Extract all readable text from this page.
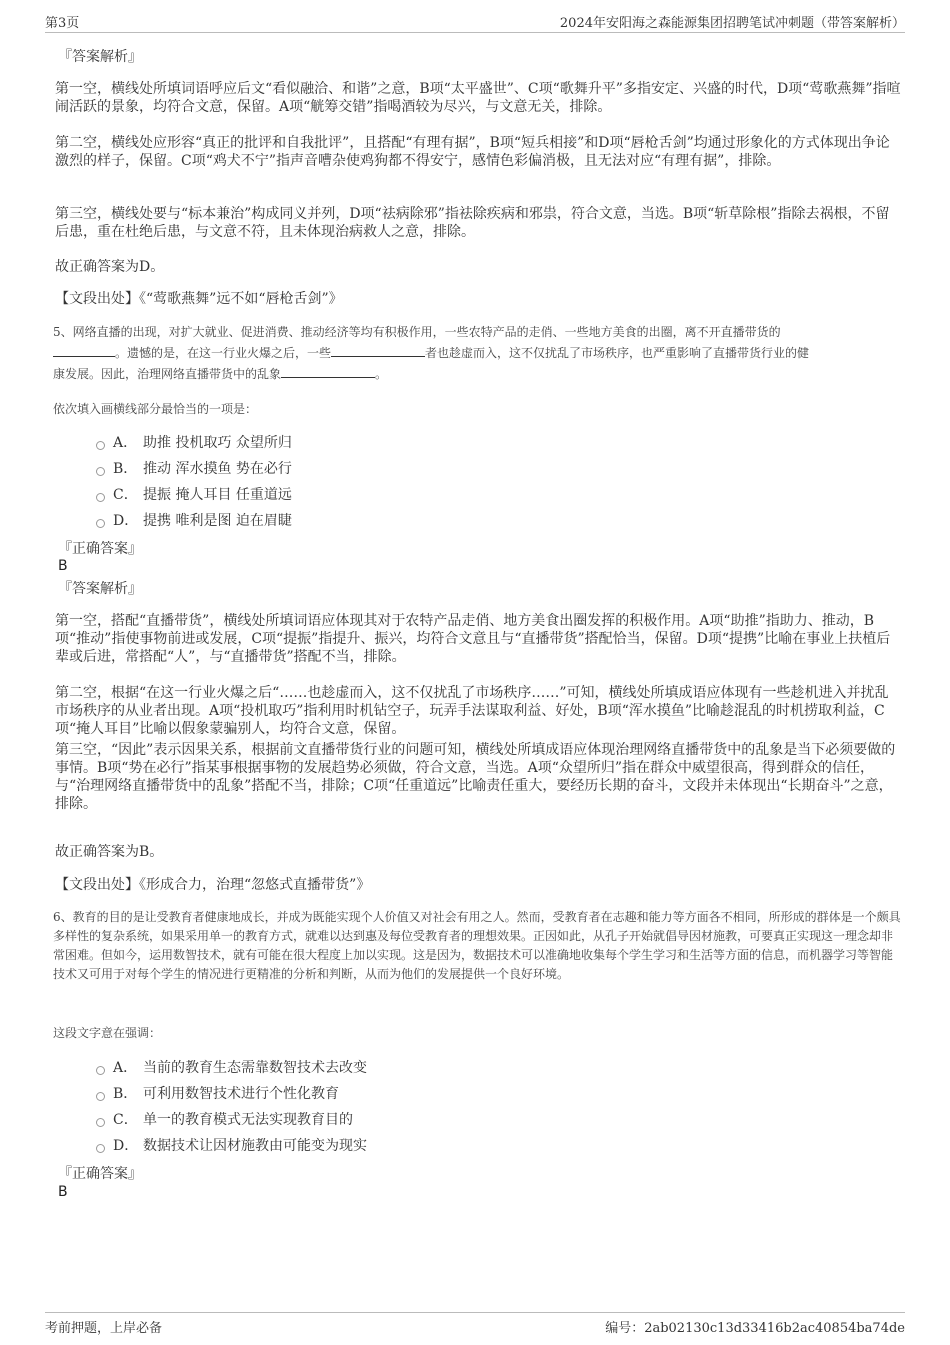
第3页	2024年安阳海之森能源集团招聘笔试冲刺题（带答案解析）
『答案解析』

第一空，横线处所填词语呼应后文“看似融洽、和谐”之意，B项“太平盛世”、C项“歌舞升平”多指安定、兴盛的时代，D项“莺歌燕舞”指喧闹活跃的景象，均符合文意，保留。A项“觥筹交错”指喝酒较为尽兴，与文意无关，排除。

第二空，横线处应形容“真正的批评和自我批评”，且搭配“有理有据”，B项“短兵相接”和D项“唇枪舌剑”均通过形象化的方式体现出争论激烈的样子，保留。C项“鸡犬不宁”指声音嘈杂使鸡狗都不得安宁，感情色彩偏消极，且无法对应“有理有据”，排除。

第三空，横线处要与“标本兼治”构成同义并列，D项“祛病除邪”指祛除疾病和邪祟，符合文意，当选。B项“斩草除根”指除去祸根，不留后患，重在杜绝后患，与文意不符，且未体现治病救人之意，排除。

故正确答案为D。

【文段出处】《“莺歌燕舞”远不如“唇枪舌剑”》

5、网络直播的出现，对扩大就业、促进消费、推动经济等均有积极作用，一些农特产品的走俏、一些地方美食的出圈，离不开直播带货的
。遗憾的是，在这一行业火爆之后，一些	者也趁虚而入，这不仅扰乱了市场秩序，也严重影响了直播带货行业的健
康发展。因此，治理网络直播带货中的乱象	。
依次填入画横线部分最恰当的一项是：
A． 助推 投机取巧 众望所归
B． 推动 浑水摸鱼 势在必行
C． 提振 掩人耳目 任重道远
D． 提携 唯利是图 迫在眉睫
『正确答案』
B
『答案解析』

第一空，搭配“直播带货”，横线处所填词语应体现其对于农特产品走俏、地方美食出圈发挥的积极作用。A项“助推”指助力、推动，B项“推动”指使事物前进或发展，C项“提振”指提升、振兴，均符合文意且与“直播带货”搭配恰当，保留。D项“提携”比喻在事业上扶植后辈或后进，常搭配“人”，与“直播带货”搭配不当，排除。

第二空，根据“在这一行业火爆之后“……也趁虚而入，这不仅扰乱了市场秩序……”可知，横线处所填成语应体现有一些趁机进入并扰乱市场秩序的从业者出现。A项“投机取巧”指利用时机钻空子，玩弄手法谋取利益、好处，B项“浑水摸鱼”比喻趁混乱的时机捞取利益，C项“掩人耳目”比喻以假象蒙骗别人，均符合文意，保留。

第三空，“因此”表示因果关系，根据前文直播带货行业的问题可知，横线处所填成语应体现治理网络直播带货中的乱象是当下必须要做的事情。B项“势在必行”指某事根据事物的发展趋势必须做，符合文意，当选。A项“众望所归”指在群众中威望很高，得到群众的信任，与“治理网络直播带货中的乱象”搭配不当，排除；C项“任重道远”比喻责任重大，要经历长期的奋斗，文段并未体现出“长期奋斗”之意，排除。

故正确答案为B。

【文段出处】《形成合力，治理“忽悠式直播带货”》

6、教育的目的是让受教育者健康地成长，并成为既能实现个人价值又对社会有用之人。然而，受教育者在志趣和能力等方面各不相同，所形成的群体是一个颇具多样性的复杂系统，如果采用单一的教育方式，就难以达到惠及每位受教育者的理想效果。正因如此，从孔子开始就倡导因材施教，可要真正实现这一理念却非常困难。但如今，运用数智技术，就有可能在很大程度上加以实现。这是因为，数据技术可以准确地收集每个学生学习和生活等方面的信息，而机器学习等智能技术又可用于对每个学生的情况进行更精准的分析和判断，从而为他们的发展提供一个良好环境。

这段文字意在强调：
A． 当前的教育生态需靠数智技术去改变
B． 可利用数智技术进行个性化教育
C． 单一的教育模式无法实现教育目的
D． 数据技术让因材施教由可能变为现实
『正确答案』
B
考前押题，上岸必备	编号：2ab02130c13d33416b2ac40854ba74de
